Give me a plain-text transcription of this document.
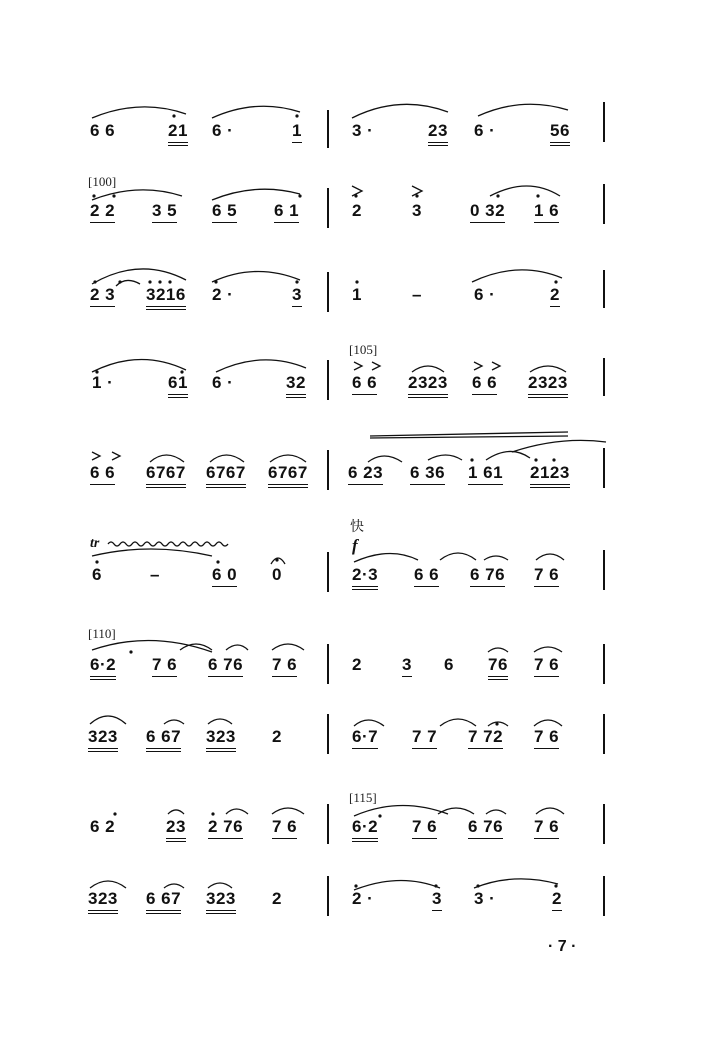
[100]
[105]
[110]
[115]
快
f
tr
6 6	21 6 ·	1	3 ·	23 6 ·	56
2 2 3 5 6 5 6 1	2	3	0 32 1 6
2 3 3216 2 ·	3	1	–	6 ·	2
1 ·	61 6 ·	32	6 6 2323 6 6 2323
6 6 6767 6767 6767 6 23 6 36 1 61 2123
6	–	6 0 0	2·3 6 6 6 76 7 6
6·2 7 6 6 76 7 6	2 3 6 76 7 6
323 6 67 323 2	6·7 7 7 7 72 7 6
6 2	23 2 76 7 6	6·2 7 6 6 76 7 6
323 6 67 323 2	2 ·	3 3 ·	2
· 7 ·
